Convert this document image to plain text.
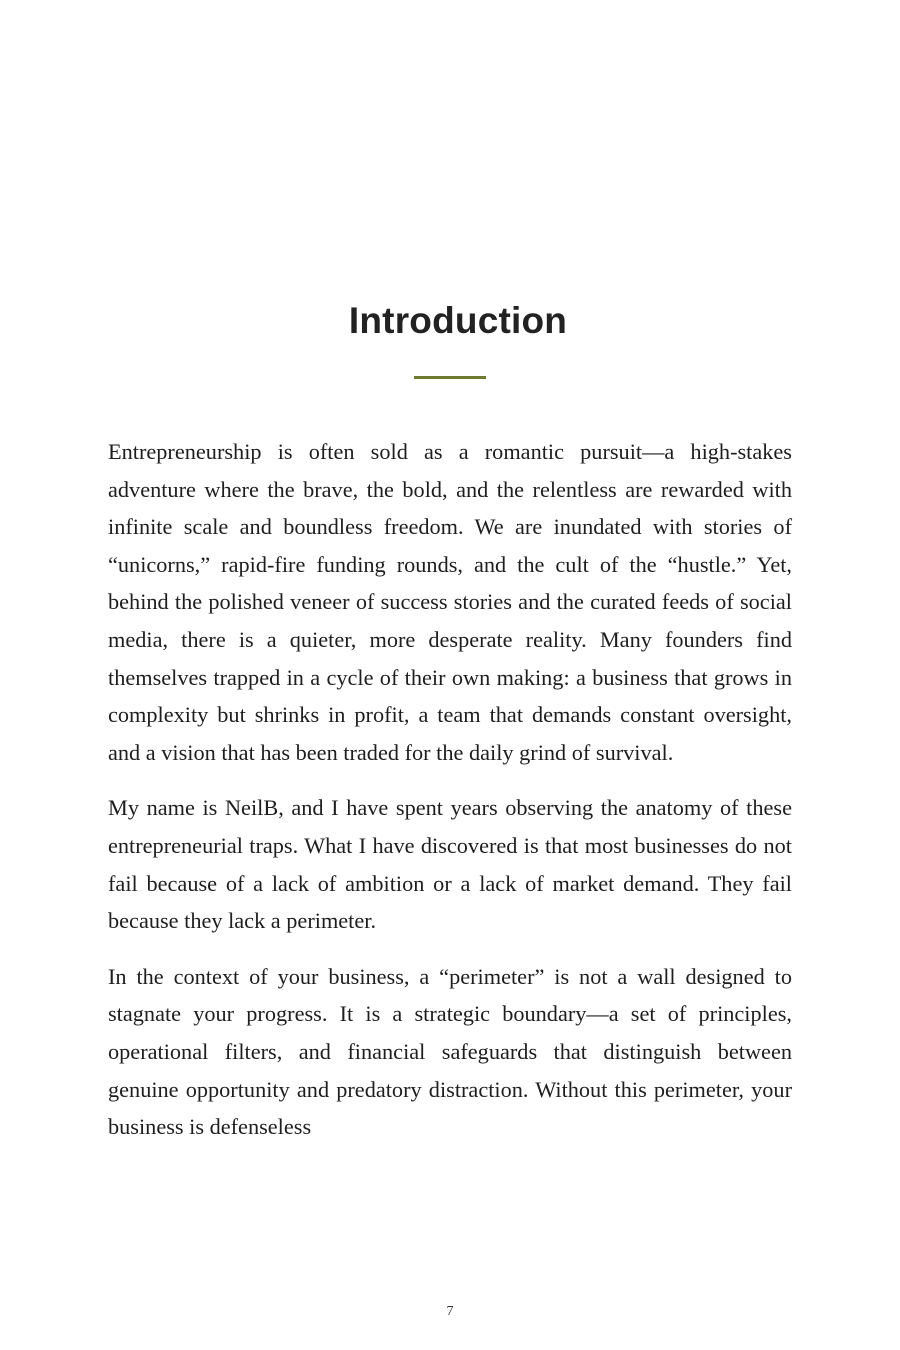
Introduction

Entrepreneurship is often sold as a romantic pursuit—a high-stakes adventure where the brave, the bold, and the relentless are rewarded with infinite scale and boundless freedom. We are inundated with stories of “unicorns,” rapid-fire funding rounds, and the cult of the “hustle.” Yet, behind the polished veneer of success stories and the curated feeds of social media, there is a quieter, more desperate reality. Many founders find themselves trapped in a cycle of their own making: a business that grows in complexity but shrinks in profit, a team that demands constant oversight, and a vision that has been traded for the daily grind of survival.

My name is NeilB, and I have spent years observing the anatomy of these entrepreneurial traps. What I have discovered is that most businesses do not fail because of a lack of ambition or a lack of market demand. They fail because they lack a perimeter.

In the context of your business, a “perimeter” is not a wall designed to stagnate your progress. It is a strategic boundary—a set of principles, operational filters, and financial safeguards that distinguish between genuine opportunity and predatory distraction. Without this perimeter, your business is defenseless

7
